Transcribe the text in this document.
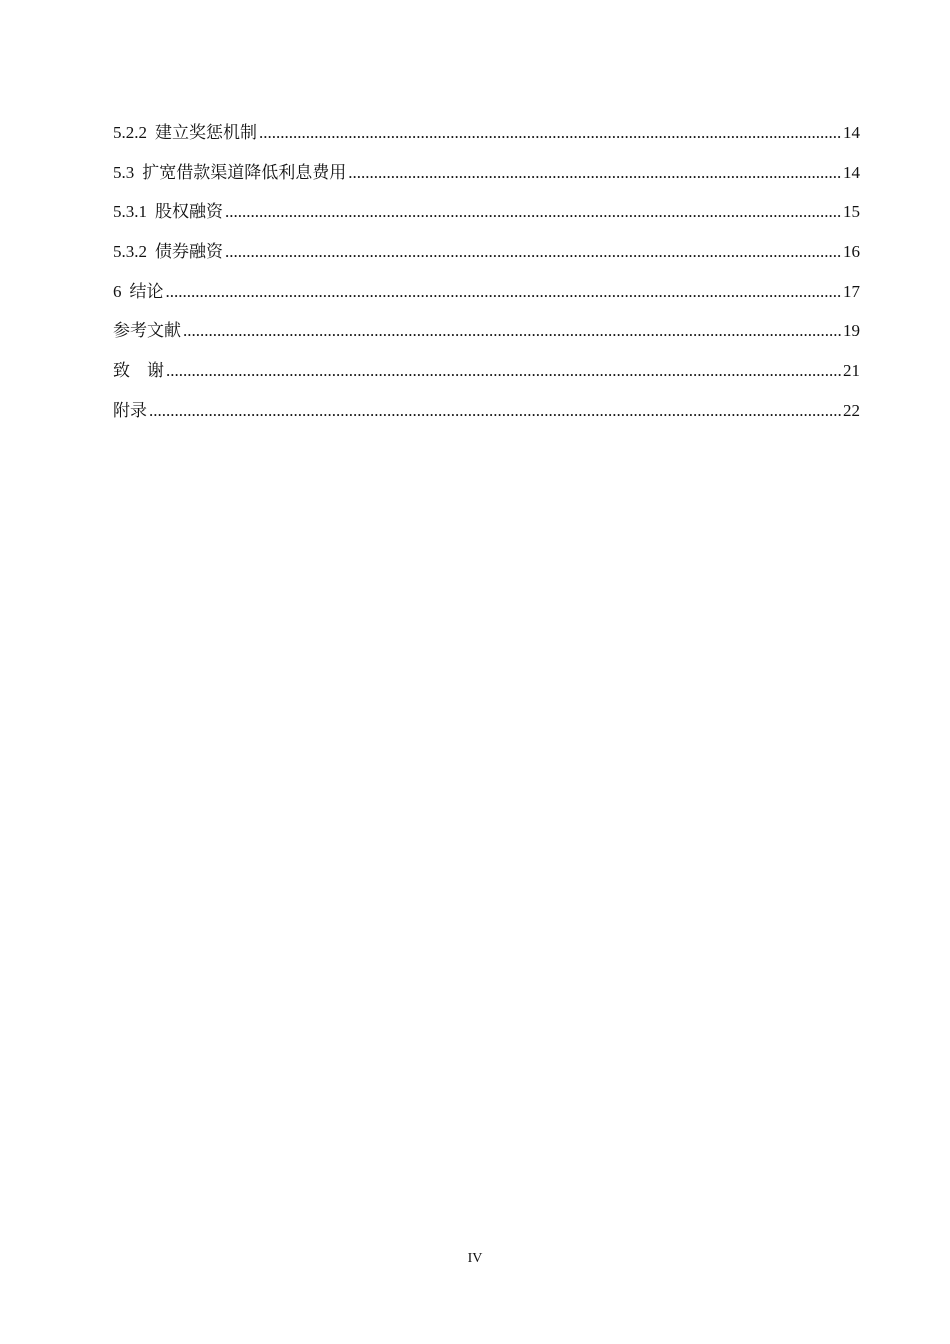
5.2.2 建立奖惩机制 .....	14
5.3 扩宽借款渠道降低利息费用 .....	14
5.3.1 股权融资 .....	15
5.3.2 债券融资 .....	16
6 结论 .....	17
参考文献 .....	19
致    谢 .....	21
附录 .....	22
IV
